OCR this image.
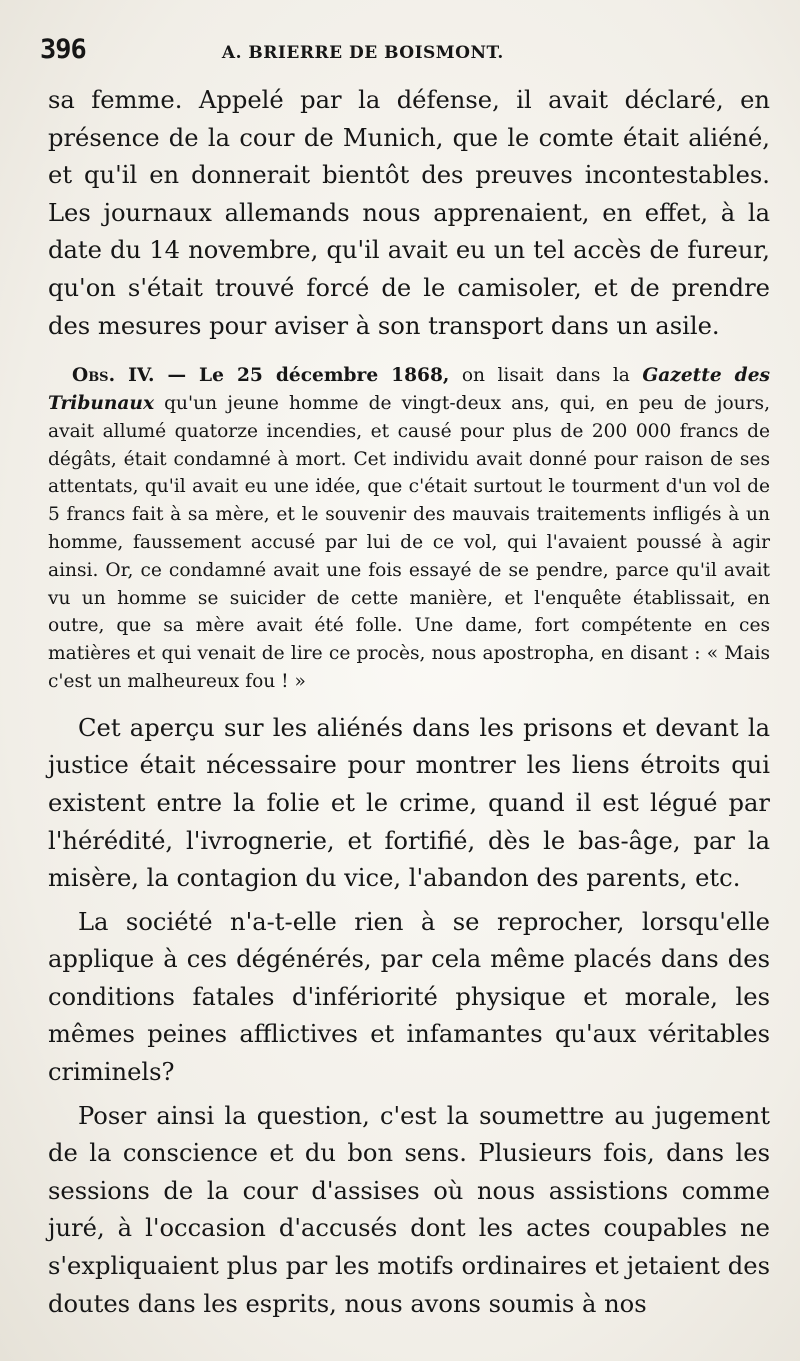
396	A. BRIERRE DE BOISMONT.

sa femme. Appelé par la défense, il avait déclaré, en présence de la cour de Munich, que le comte était aliéné, et qu'il en donnerait bientôt des preuves incontestables. Les journaux allemands nous apprenaient, en effet, à la date du 14 novembre, qu'il avait eu un tel accès de fureur, qu'on s'était trouvé forcé de le camisoler, et de prendre des mesures pour aviser à son transport dans un asile.

Obs. IV. — Le 25 décembre 1868, on lisait dans la Gazette des Tribunaux qu'un jeune homme de vingt-deux ans, qui, en peu de jours, avait allumé quatorze incendies, et causé pour plus de 200 000 francs de dégâts, était condamné à mort. Cet individu avait donné pour raison de ses attentats, qu'il avait eu une idée, que c'était surtout le tourment d'un vol de 5 francs fait à sa mère, et le souvenir des mauvais traitements infligés à un homme, faussement accusé par lui de ce vol, qui l'avaient poussé à agir ainsi. Or, ce condamné avait une fois essayé de se pendre, parce qu'il avait vu un homme se suicider de cette manière, et l'enquête établissait, en outre, que sa mère avait été folle. Une dame, fort compétente en ces matières et qui venait de lire ce procès, nous apostropha, en disant : « Mais c'est un malheureux fou ! »

Cet aperçu sur les aliénés dans les prisons et devant la justice était nécessaire pour montrer les liens étroits qui existent entre la folie et le crime, quand il est légué par l'hérédité, l'ivrognerie, et fortifié, dès le bas-âge, par la misère, la contagion du vice, l'abandon des parents, etc.

La société n'a-t-elle rien à se reprocher, lorsqu'elle applique à ces dégénérés, par cela même placés dans des conditions fatales d'infériorité physique et morale, les mêmes peines afflictives et infamantes qu'aux véritables criminels?

Poser ainsi la question, c'est la soumettre au jugement de la conscience et du bon sens. Plusieurs fois, dans les sessions de la cour d'assises où nous assistions comme juré, à l'occasion d'accusés dont les actes coupables ne s'expliquaient plus par les motifs ordinaires et jetaient des doutes dans les esprits, nous avons soumis à nos
